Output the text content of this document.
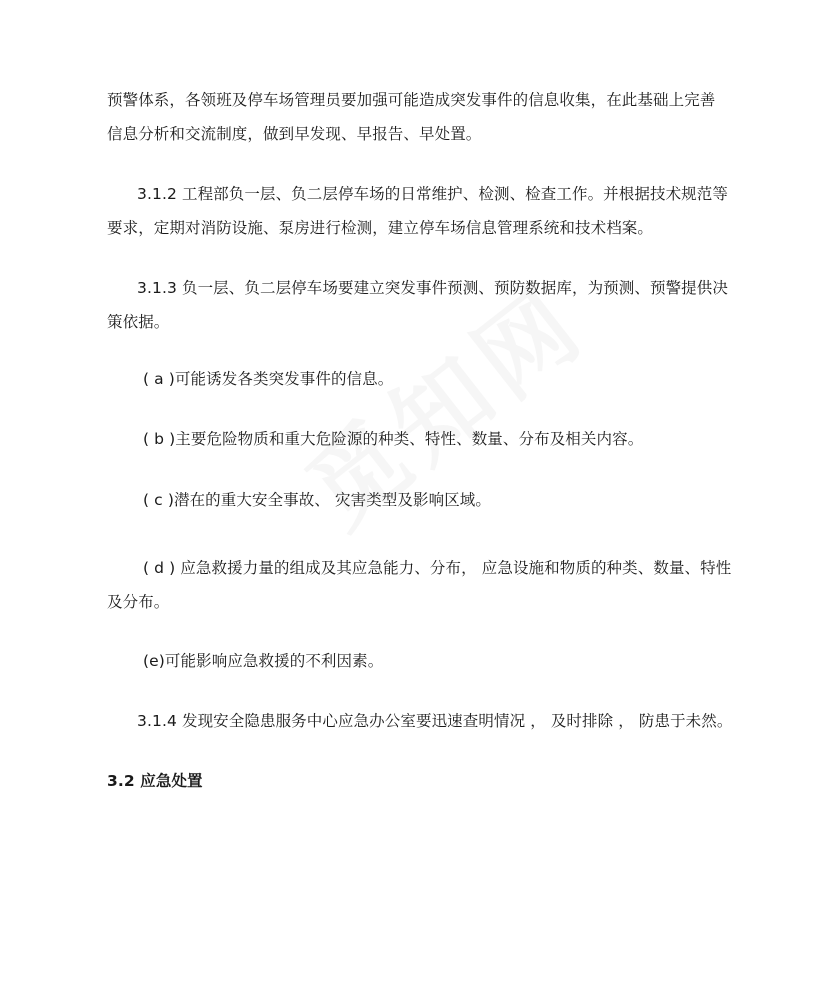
预警体系，各领班及停车场管理员要加强可能造成突发事件的信息收集，在此基础上完善
信息分析和交流制度，做到早发现、早报告、早处置。
3.1.2 工程部负一层、负二层停车场的日常维护、检测、检查工作。并根据技术规范等
要求，定期对消防设施、泵房进行检测，建立停车场信息管理系统和技术档案。
3.1.3 负一层、负二层停车场要建立突发事件预测、预防数据库，为预测、预警提供决
策依据。
( a )可能诱发各类突发事件的信息。
( b )主要危险物质和重大危险源的种类、特性、数量、分布及相关内容。
( c )潜在的重大安全事故、 灾害类型及影响区域。
( d ) 应急救援力量的组成及其应急能力、分布， 应急设施和物质的种类、数量、特性
及分布。
(e)可能影响应急救援的不利因素。
3.1.4 发现安全隐患服务中心应急办公室要迅速查明情况 ， 及时排除 ， 防患于未然。
3.2 应急处置
